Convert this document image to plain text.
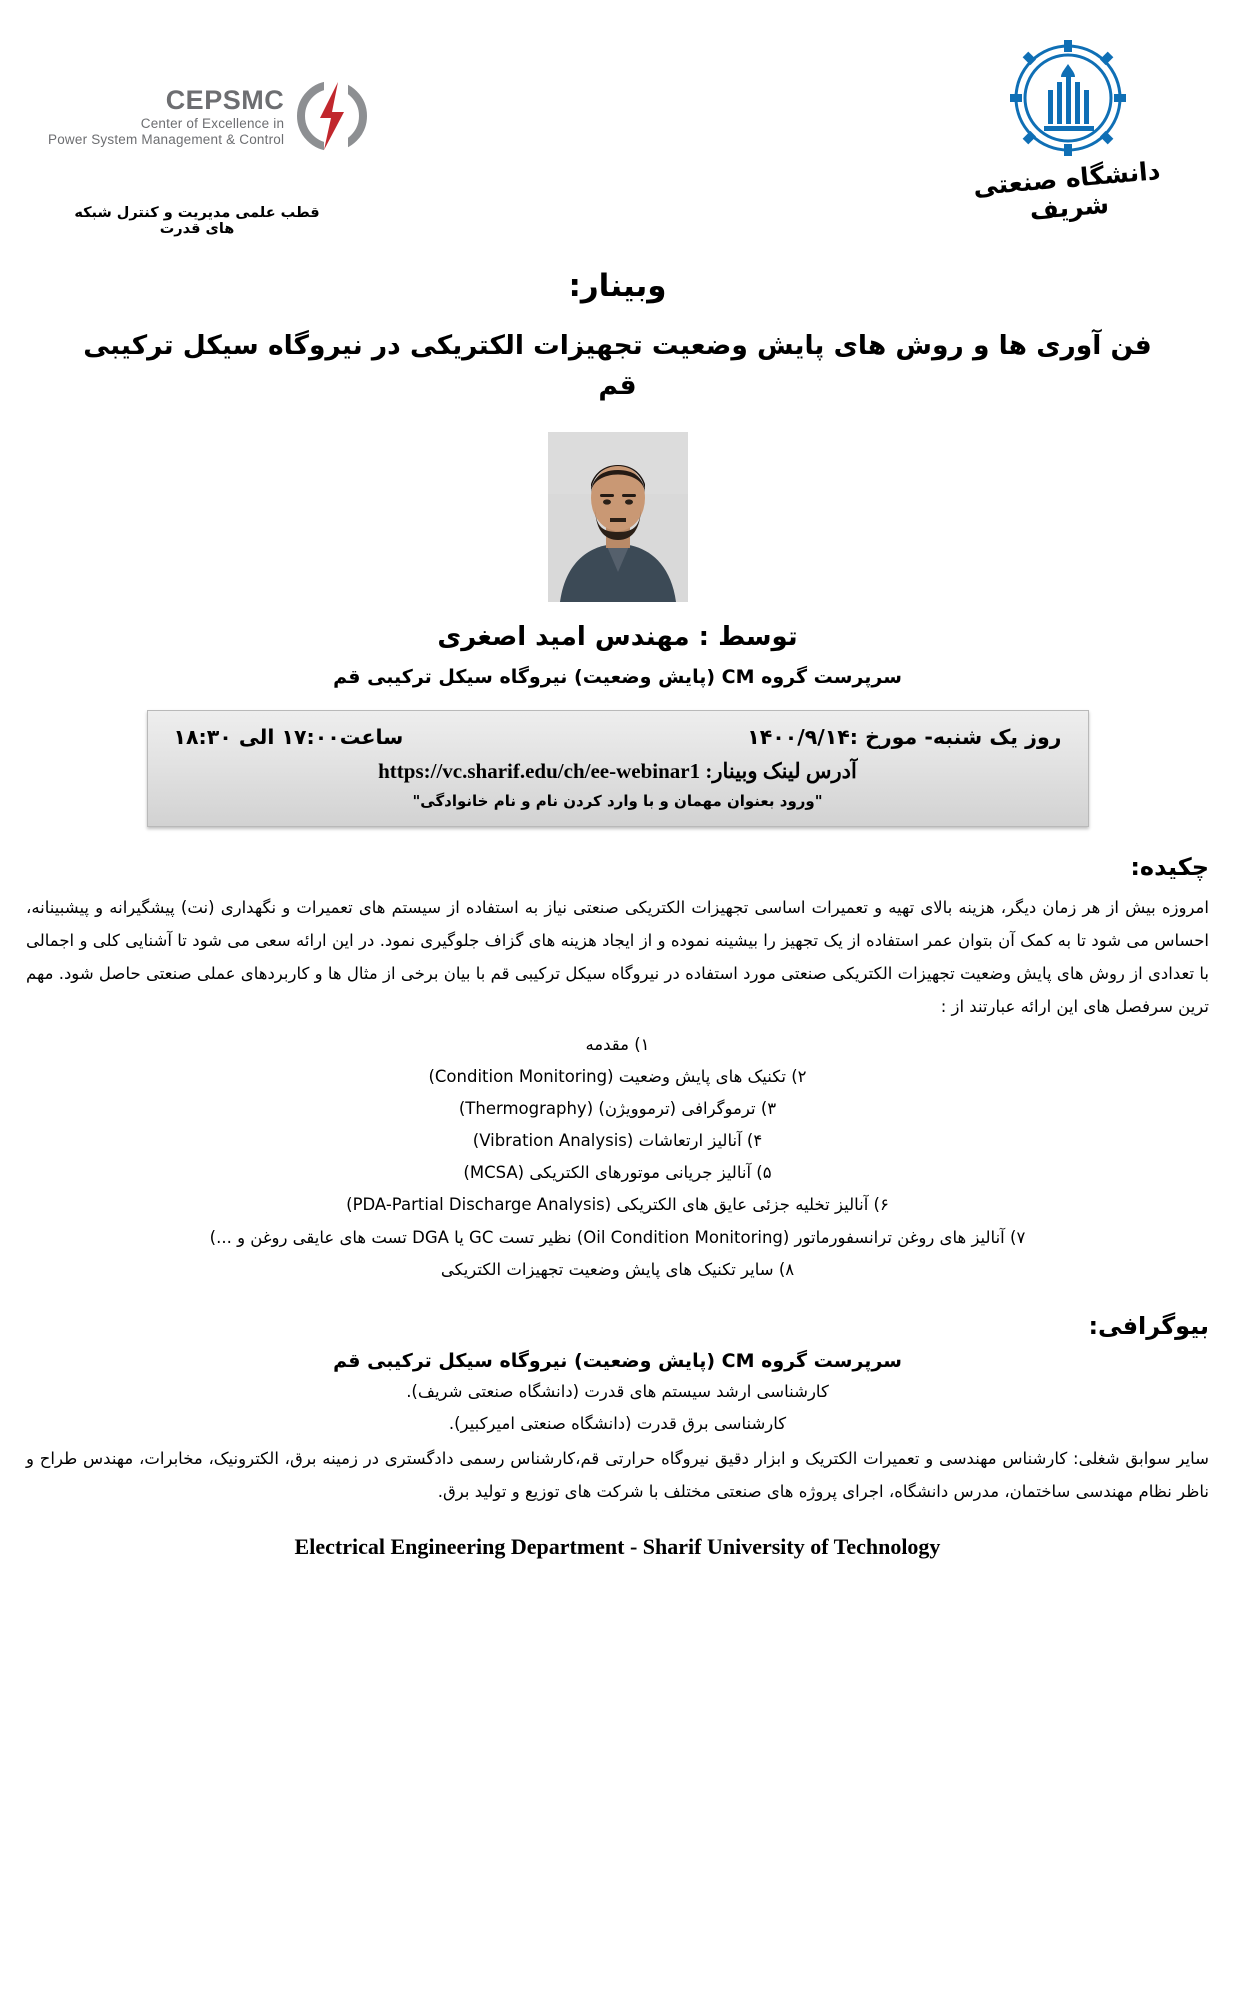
CEPSMC
Center of Excellence in
Power System Management & Control
قطب علمی مدیریت و کنترل شبکه های قدرت
دانشگاه صنعتی شریف
وبینار:
فن آوری ها و روش های پایش وضعیت تجهیزات الکتریکی در نیروگاه سیکل ترکیبی قم
توسط : مهندس امید اصغری
سرپرست گروه CM (پایش وضعیت) نیروگاه سیکل ترکیبی قم
روز یک شنبه- مورخ :۱۴۰۰/۹/۱۴
ساعت۱۷:۰۰ الی ۱۸:۳۰
آدرس لینک وبینار: https://vc.sharif.edu/ch/ee-webinar1
"ورود بعنوان مهمان و با وارد کردن نام و نام خانوادگی"
چکیده:
امروزه بیش از هر زمان دیگر، هزینه بالای تهیه و تعمیرات اساسی تجهیزات الکتریکی صنعتی نیاز به استفاده از سیستم های تعمیرات و نگهداری (نت) پیشگیرانه و پیشبینانه، احساس می شود تا به کمک آن بتوان عمر استفاده از یک تجهیز را بیشینه نموده و از ایجاد هزینه های گزاف جلوگیری نمود. در این ارائه سعی می شود تا آشنایی کلی و اجمالی با تعدادی از روش های پایش وضعیت تجهیزات الکتریکی صنعتی مورد استفاده در نیروگاه سیکل ترکیبی قم با بیان برخی از مثال ها و کاربردهای عملی صنعتی حاصل شود. مهم ترین سرفصل های این ارائه عبارتند از :
۱) مقدمه
۲) تکنیک های پایش وضعیت (Condition Monitoring)
۳) ترموگرافی (ترموویژن) (Thermography)
۴) آنالیز ارتعاشات (Vibration Analysis)
۵) آنالیز جریانی موتورهای الکتریکی (MCSA)
۶) آنالیز تخلیه جزئی عایق های الکتریکی (PDA-Partial Discharge Analysis)
۷) آنالیز های روغن ترانسفورماتور (Oil Condition Monitoring) نظیر تست GC یا DGA تست های عایقی روغن و ...)
۸) سایر تکنیک های پایش وضعیت تجهیزات الکتریکی
بیوگرافی:
سرپرست گروه CM (پایش وضعیت) نیروگاه سیکل ترکیبی قم
کارشناسی ارشد سیستم های قدرت (دانشگاه صنعتی شریف).
کارشناسی برق قدرت (دانشگاه صنعتی امیرکبیر).
سایر سوابق شغلی: کارشناس مهندسی و تعمیرات الکتریک و ابزار دقیق نیروگاه حرارتی قم،کارشناس رسمی دادگستری در زمینه برق، الکترونیک، مخابرات، مهندس طراح و ناظر نظام مهندسی ساختمان، مدرس دانشگاه، اجرای پروژه های صنعتی مختلف با شرکت های توزیع و تولید برق.
Electrical Engineering Department - Sharif University of Technology
